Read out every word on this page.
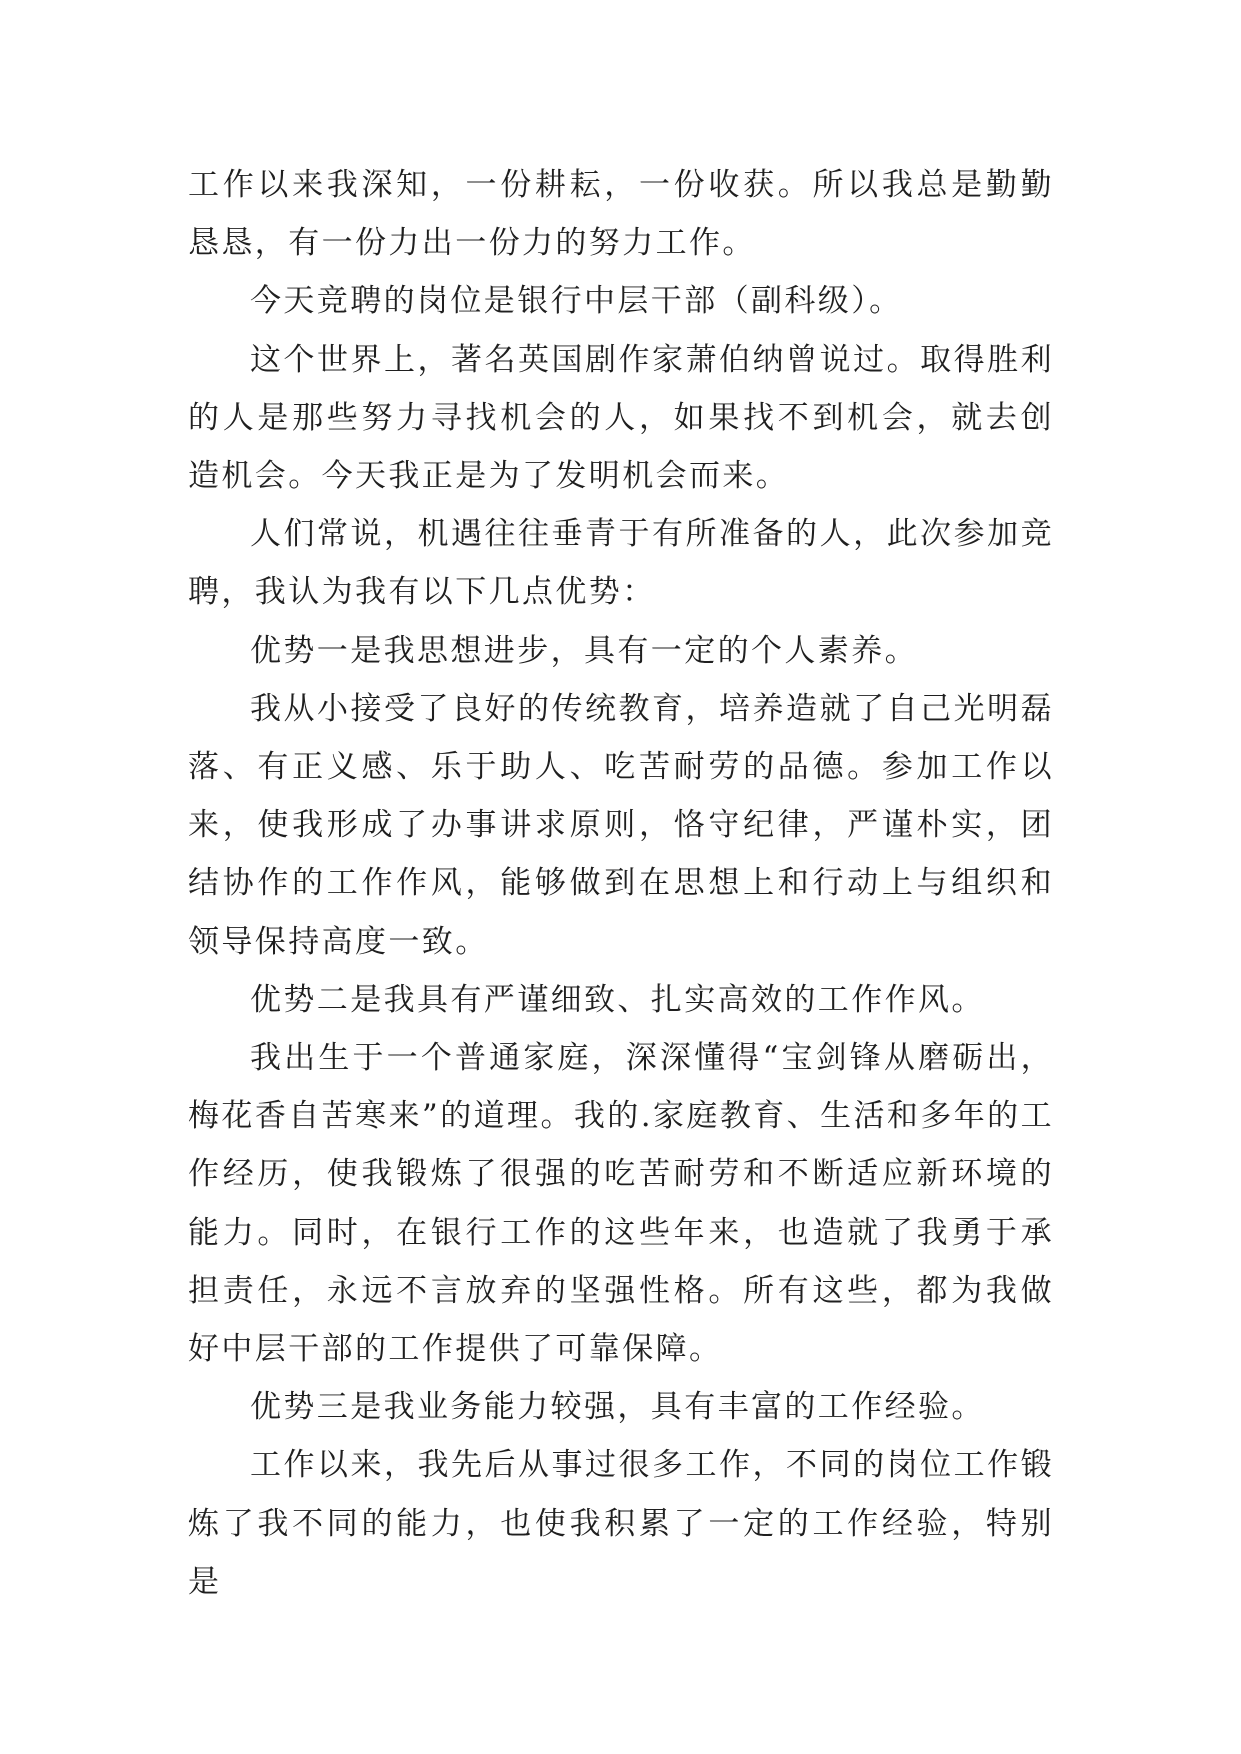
工作以来我深知，一份耕耘，一份收获。所以我总是勤勤恳恳，有一份力出一份力的努力工作。

今天竞聘的岗位是银行中层干部（副科级）。

这个世界上，著名英国剧作家萧伯纳曾说过。取得胜利的人是那些努力寻找机会的人，如果找不到机会，就去创造机会。今天我正是为了发明机会而来。

人们常说，机遇往往垂青于有所准备的人，此次参加竞聘，我认为我有以下几点优势：

优势一是我思想进步，具有一定的个人素养。

我从小接受了良好的传统教育，培养造就了自己光明磊落、有正义感、乐于助人、吃苦耐劳的品德。参加工作以来，使我形成了办事讲求原则，恪守纪律，严谨朴实，团结协作的工作作风，能够做到在思想上和行动上与组织和领导保持高度一致。

优势二是我具有严谨细致、扎实高效的工作作风。

我出生于一个普通家庭，深深懂得“宝剑锋从磨砺出，梅花香自苦寒来”的道理。我的.家庭教育、生活和多年的工作经历，使我锻炼了很强的吃苦耐劳和不断适应新环境的能力。同时，在银行工作的这些年来，也造就了我勇于承担责任，永远不言放弃的坚强性格。所有这些，都为我做好中层干部的工作提供了可靠保障。

优势三是我业务能力较强，具有丰富的工作经验。

工作以来，我先后从事过很多工作，不同的岗位工作锻炼了我不同的能力，也使我积累了一定的工作经验，特别是
